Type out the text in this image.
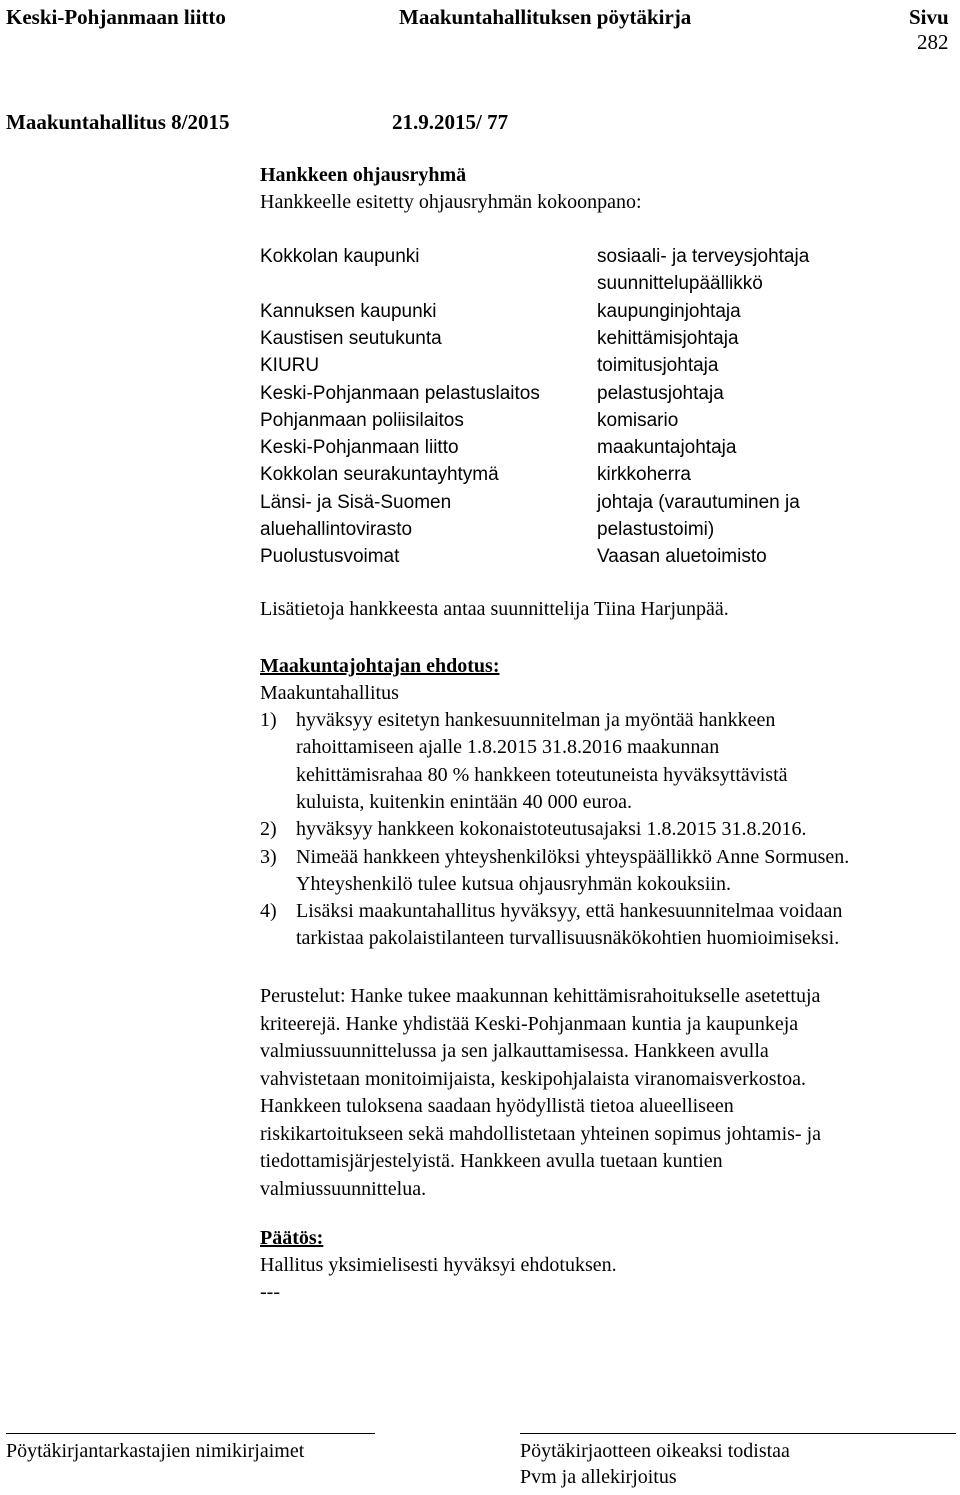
Keski-Pohjanmaan liitto	Maakuntahallituksen pöytäkirja	Sivu
282
Maakuntahallitus 8/2015	21.9.2015/ 77
Hankkeen ohjausryhmä
Hankkeelle esitetty ohjausryhmän kokoonpano:
Kokkolan kaupunki	sosiaali- ja terveysjohtaja
suunnittelupäällikkö
Kannuksen kaupunki	kaupunginjohtaja
Kaustisen seutukunta	kehittämisjohtaja
KIURU	toimitusjohtaja
Keski-Pohjanmaan pelastuslaitos	pelastusjohtaja
Pohjanmaan poliisilaitos	komisario
Keski-Pohjanmaan liitto	maakuntajohtaja
Kokkolan seurakuntayhtymä	kirkkoherra
Länsi- ja Sisä-Suomen	johtaja (varautuminen ja
aluehallintovirasto	pelastustoimi)
Puolustusvoimat	Vaasan aluetoimisto
Lisätietoja hankkeesta antaa suunnittelija Tiina Harjunpää.
Maakuntajohtajan ehdotus:
Maakuntahallitus
1) hyväksyy esitetyn hankesuunnitelman ja myöntää hankkeen
rahoittamiseen ajalle 1.8.2015 31.8.2016 maakunnan
kehittämisrahaa 80 % hankkeen toteutuneista hyväksyttävistä
kuluista, kuitenkin enintään 40 000 euroa.
2) hyväksyy hankkeen kokonaistoteutusajaksi 1.8.2015 31.8.2016.
3) Nimeää hankkeen yhteyshenkilöksi yhteyspäällikkö Anne Sormusen.
Yhteyshenkilö tulee kutsua ohjausryhmän kokouksiin.
4) Lisäksi maakuntahallitus hyväksyy, että hankesuunnitelmaa voidaan
tarkistaa pakolaistilanteen turvallisuusnäkökohtien huomioimiseksi.
Perustelut: Hanke tukee maakunnan kehittämisrahoitukselle asetettuja
kriteerejä. Hanke yhdistää Keski-Pohjanmaan kuntia ja kaupunkeja
valmiussuunnittelussa ja sen jalkauttamisessa. Hankkeen avulla
vahvistetaan monitoimijaista, keskipohjalaista viranomaisverkostoa.
Hankkeen tuloksena saadaan hyödyllistä tietoa alueelliseen
riskikartoitukseen sekä mahdollistetaan yhteinen sopimus johtamis- ja
tiedottamisjärjestelyistä. Hankkeen avulla tuetaan kuntien
valmiussuunnittelua.
Päätös:
Hallitus yksimielisesti hyväksyi ehdotuksen.
---
Pöytäkirjantarkastajien nimikirjaimet	Pöytäkirjaotteen oikeaksi todistaa
Pvm ja allekirjoitus
